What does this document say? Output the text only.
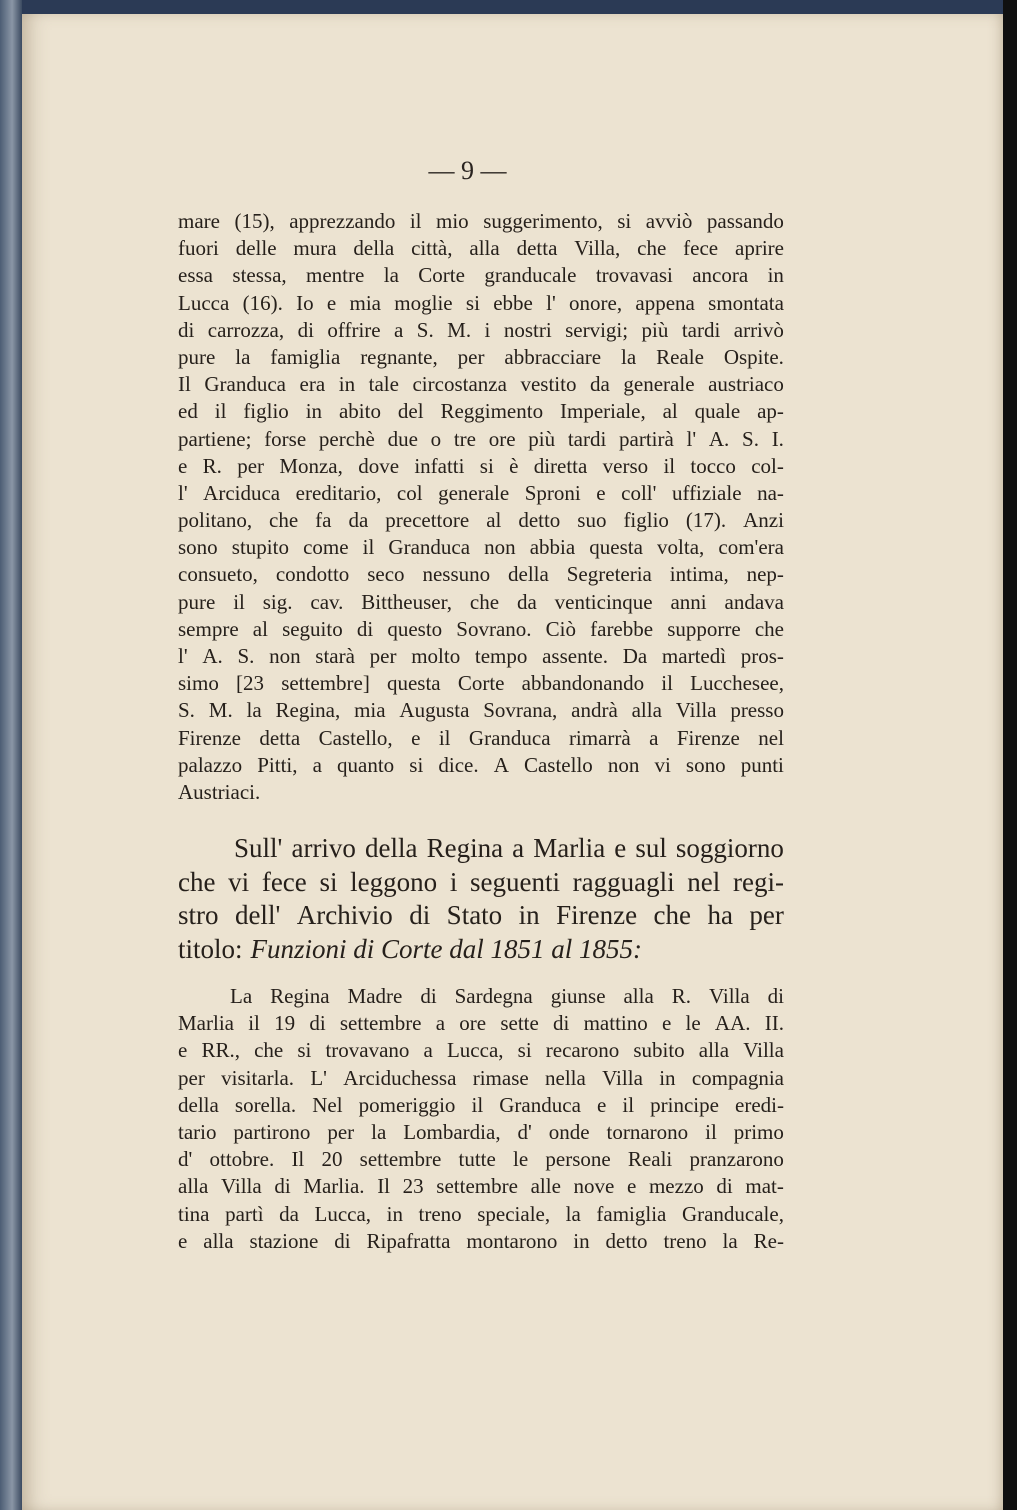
— 9 —
mare (15), apprezzando il mio suggerimento, si avviò passando
fuori delle mura della città, alla detta Villa, che fece aprire
essa stessa, mentre la Corte granducale trovavasi ancora in
Lucca (16). Io e mia moglie si ebbe l' onore, appena smontata
di carrozza, di offrire a S. M. i nostri servigi; più tardi arrivò
pure la famiglia regnante, per abbracciare la Reale Ospite.
Il Granduca era in tale circostanza vestito da generale austriaco
ed il figlio in abito del Reggimento Imperiale, al quale ap-
partiene; forse perchè due o tre ore più tardi partirà l' A. S. I.
e R. per Monza, dove infatti si è diretta verso il tocco col-
l' Arciduca ereditario, col generale Sproni e coll' uffiziale na-
politano, che fa da precettore al detto suo figlio (17). Anzi
sono stupito come il Granduca non abbia questa volta, com'era
consueto, condotto seco nessuno della Segreteria intima, nep-
pure il sig. cav. Bittheuser, che da venticinque anni andava
sempre al seguito di questo Sovrano. Ciò farebbe supporre che
l' A. S. non starà per molto tempo assente. Da martedì pros-
simo [23 settembre] questa Corte abbandonando il Lucchesee,
S. M. la Regina, mia Augusta Sovrana, andrà alla Villa presso
Firenze detta Castello, e il Granduca rimarrà a Firenze nel
palazzo Pitti, a quanto si dice. A Castello non vi sono punti
Austriaci.
Sull' arrivo della Regina a Marlia e sul soggiorno
che vi fece si leggono i seguenti ragguagli nel regi-
stro dell' Archivio di Stato in Firenze che ha per
titolo: Funzioni di Corte dal 1851 al 1855:
La Regina Madre di Sardegna giunse alla R. Villa di
Marlia il 19 di settembre a ore sette di mattino e le AA. II.
e RR., che si trovavano a Lucca, si recarono subito alla Villa
per visitarla. L' Arciduchessa rimase nella Villa in compagnia
della sorella. Nel pomeriggio il Granduca e il principe eredi-
tario partirono per la Lombardia, d' onde tornarono il primo
d' ottobre. Il 20 settembre tutte le persone Reali pranzarono
alla Villa di Marlia. Il 23 settembre alle nove e mezzo di mat-
tina partì da Lucca, in treno speciale, la famiglia Granducale,
e alla stazione di Ripafratta montarono in detto treno la Re-
